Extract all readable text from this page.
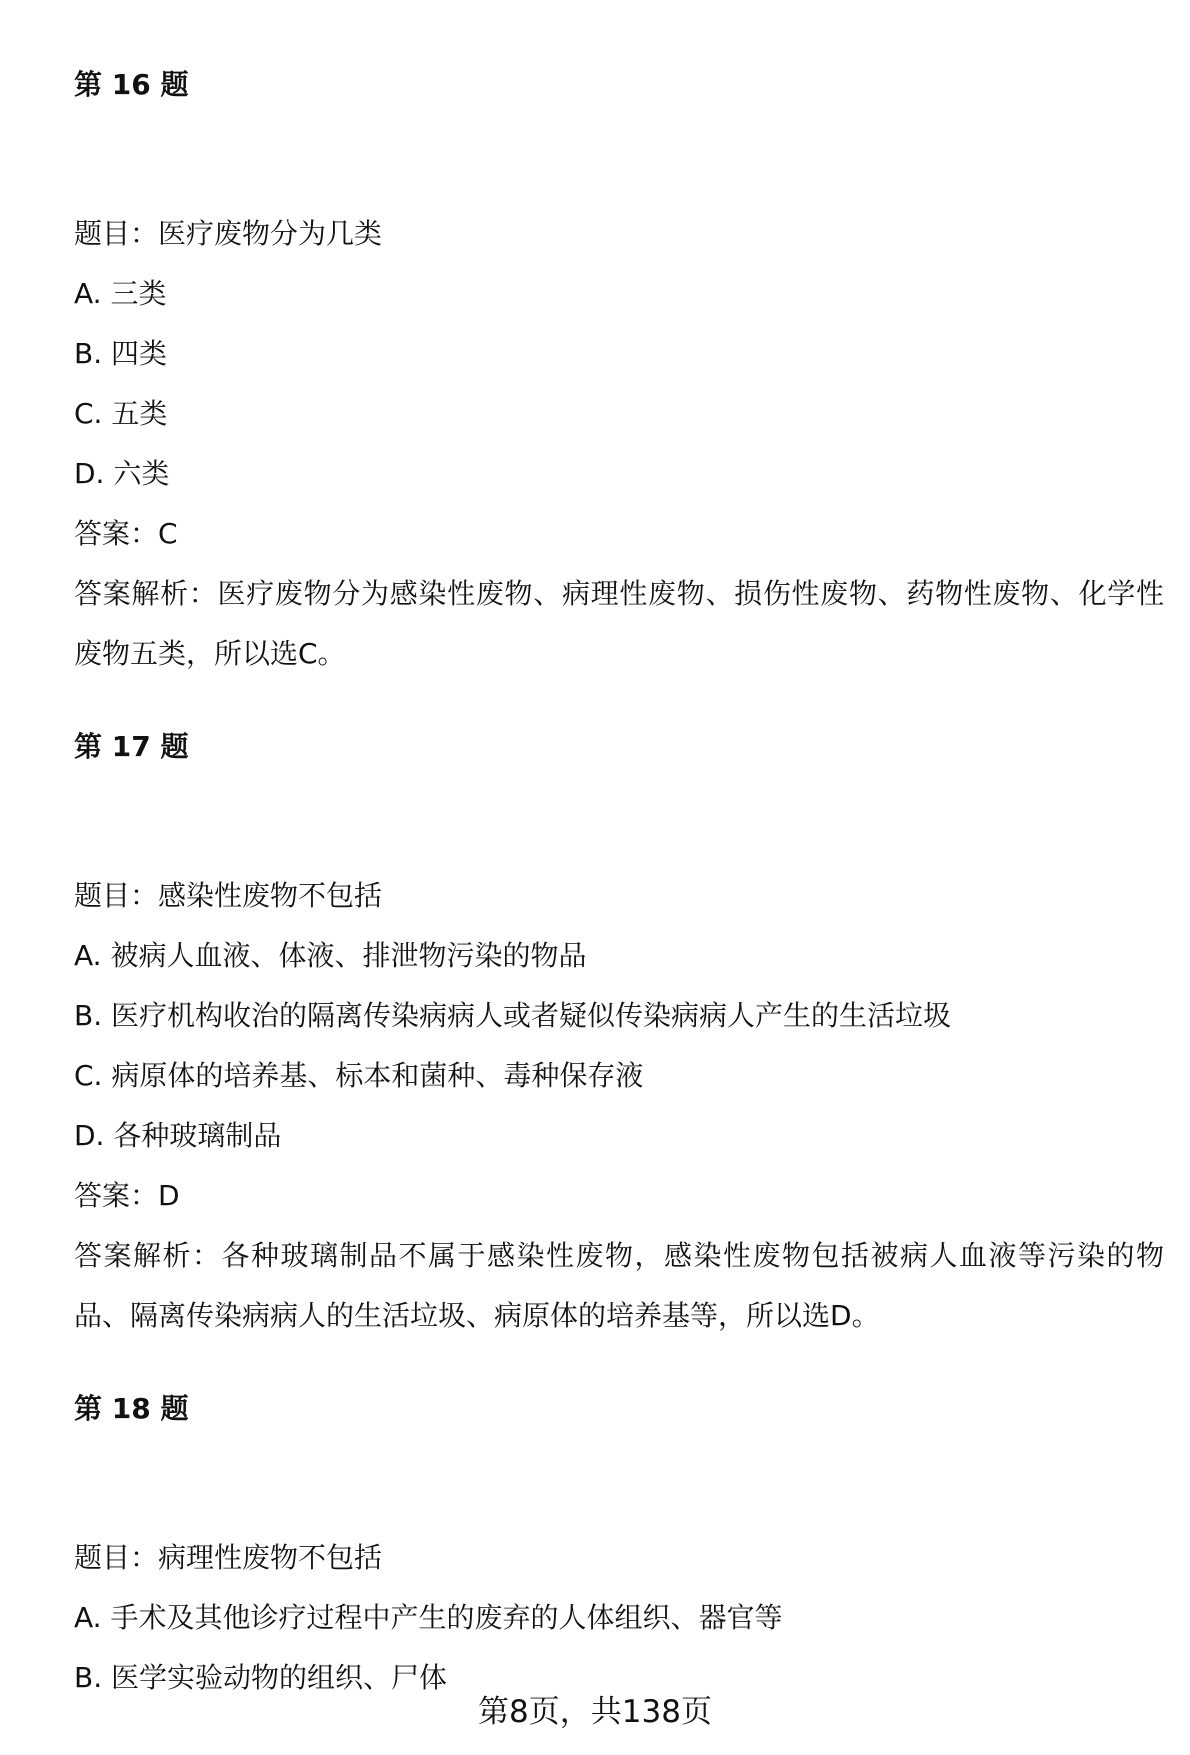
第 16 题
题目：医疗废物分为几类
A. 三类
B. 四类
C. 五类
D. 六类
答案：C
答案解析：医疗废物分为感染性废物、病理性废物、损伤性废物、药物性废物、化学性废物五类，所以选C。
第 17 题
题目：感染性废物不包括
A. 被病人血液、体液、排泄物污染的物品
B. 医疗机构收治的隔离传染病病人或者疑似传染病病人产生的生活垃圾
C. 病原体的培养基、标本和菌种、毒种保存液
D. 各种玻璃制品
答案：D
答案解析：各种玻璃制品不属于感染性废物，感染性废物包括被病人血液等污染的物品、隔离传染病病人的生活垃圾、病原体的培养基等，所以选D。
第 18 题
题目：病理性废物不包括
A. 手术及其他诊疗过程中产生的废弃的人体组织、器官等
B. 医学实验动物的组织、尸体
第8页，共138页
